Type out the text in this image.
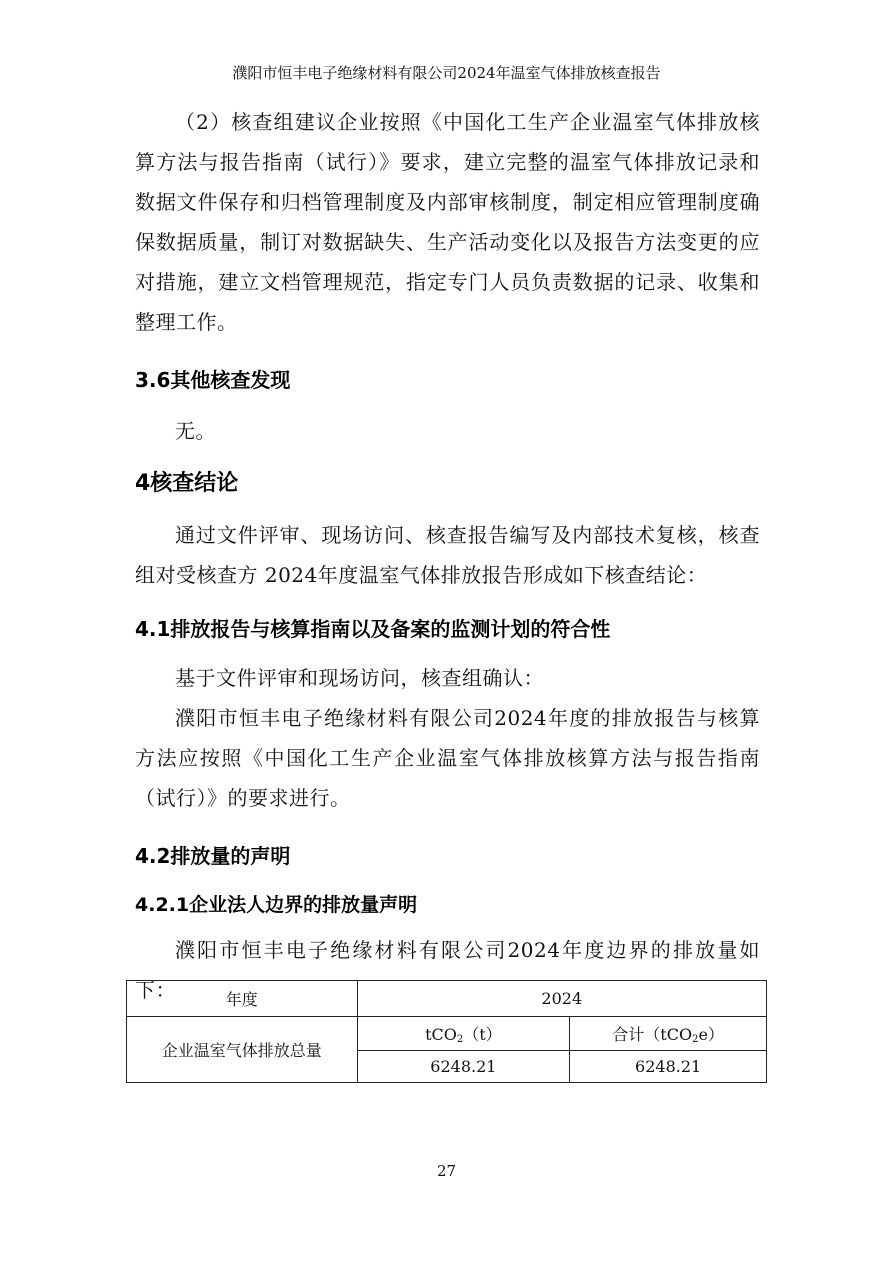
濮阳市恒丰电子绝缘材料有限公司2024年温室气体排放核查报告

（2）核查组建议企业按照《中国化工生产企业温室气体排放核算方法与报告指南（试行）》要求，建立完整的温室气体排放记录和数据文件保存和归档管理制度及内部审核制度，制定相应管理制度确保数据质量，制订对数据缺失、生产活动变化以及报告方法变更的应对措施，建立文档管理规范，指定专门人员负责数据的记录、收集和整理工作。

3.6其他核查发现

无。

4核查结论

通过文件评审、现场访问、核查报告编写及内部技术复核，核查组对受核查方 2024年度温室气体排放报告形成如下核查结论：

4.1排放报告与核算指南以及备案的监测计划的符合性

基于文件评审和现场访问，核查组确认：

濮阳市恒丰电子绝缘材料有限公司2024年度的排放报告与核算方法应按照《中国化工生产企业温室气体排放核算方法与报告指南（试行）》的要求进行。

4.2排放量的声明
4.2.1企业法人边界的排放量声明

濮阳市恒丰电子绝缘材料有限公司2024年度边界的排放量如下：	年度	2024	
企业温室气体排放总量	tCO$_2$（t）	合计（tCO$_2$e）
	6248.21	6248.21
27
